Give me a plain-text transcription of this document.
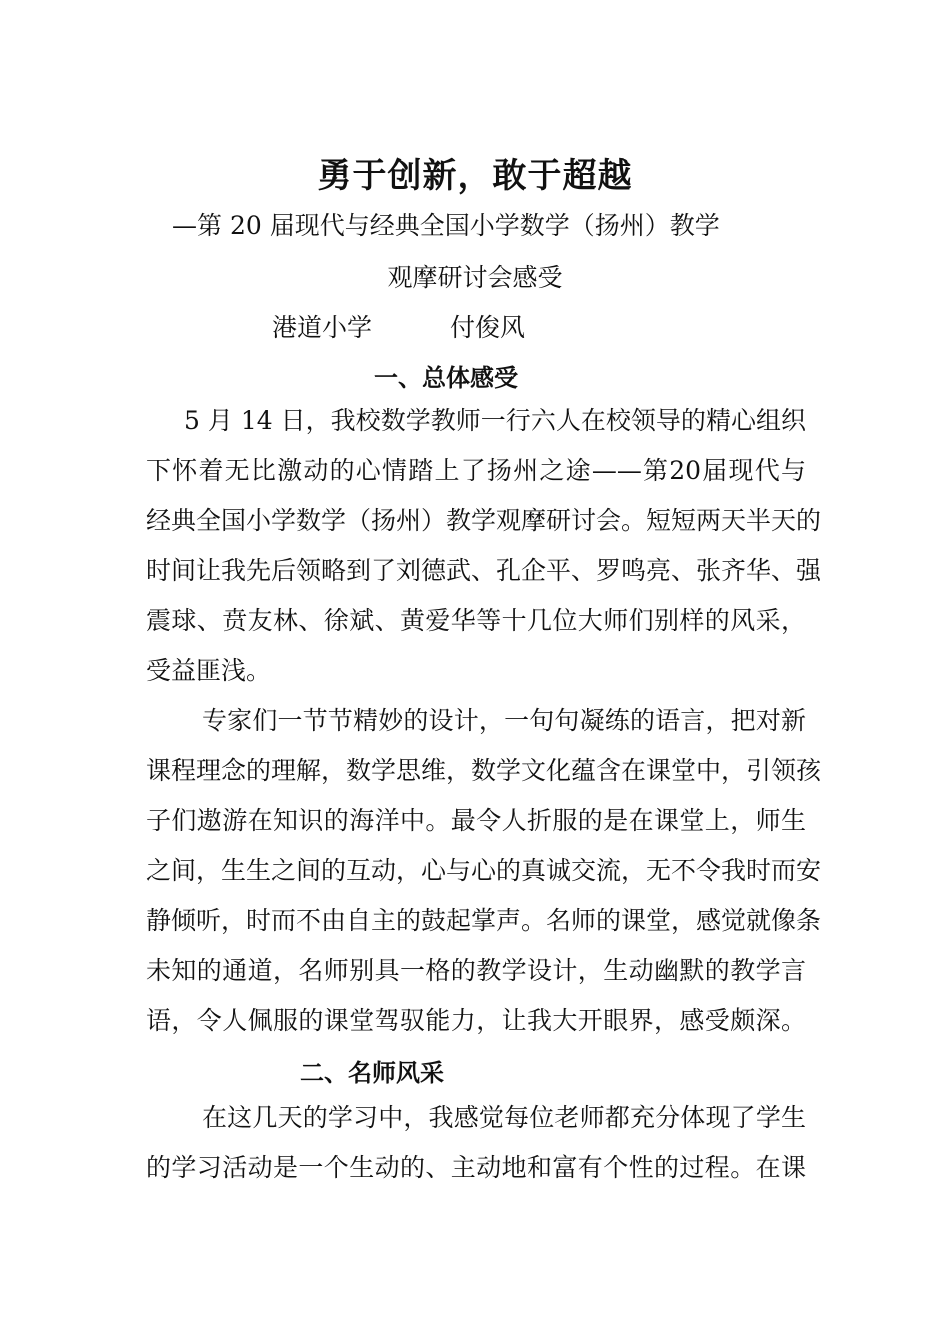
勇于创新，敢于超越
—第 20 届现代与经典全国小学数学（扬州）教学
观摩研讨会感受
港道小学	付俊风
一、总体感受
5 月 14 日，我校数学教师一行六人在校领导的精心组织
下怀着无比激动的心情踏上了扬州之途——第20届现代与
经典全国小学数学（扬州）教学观摩研讨会。短短两天半天的
时间让我先后领略到了刘德武、孔企平、罗鸣亮、张齐华、强
震球、贲友林、徐斌、黄爱华等十几位大师们别样的风采，
受益匪浅。
专家们一节节精妙的设计，一句句凝练的语言，把对新
课程理念的理解，数学思维，数学文化蕴含在课堂中，引领孩
子们遨游在知识的海洋中。最令人折服的是在课堂上，师生
之间，生生之间的互动，心与心的真诚交流，无不令我时而安
静倾听，时而不由自主的鼓起掌声。名师的课堂，感觉就像条
未知的通道，名师别具一格的教学设计，生动幽默的教学言
语，令人佩服的课堂驾驭能力，让我大开眼界，感受颇深。
二、名师风采
在这几天的学习中，我感觉每位老师都充分体现了学生
的学习活动是一个生动的、主动地和富有个性的过程。在课
